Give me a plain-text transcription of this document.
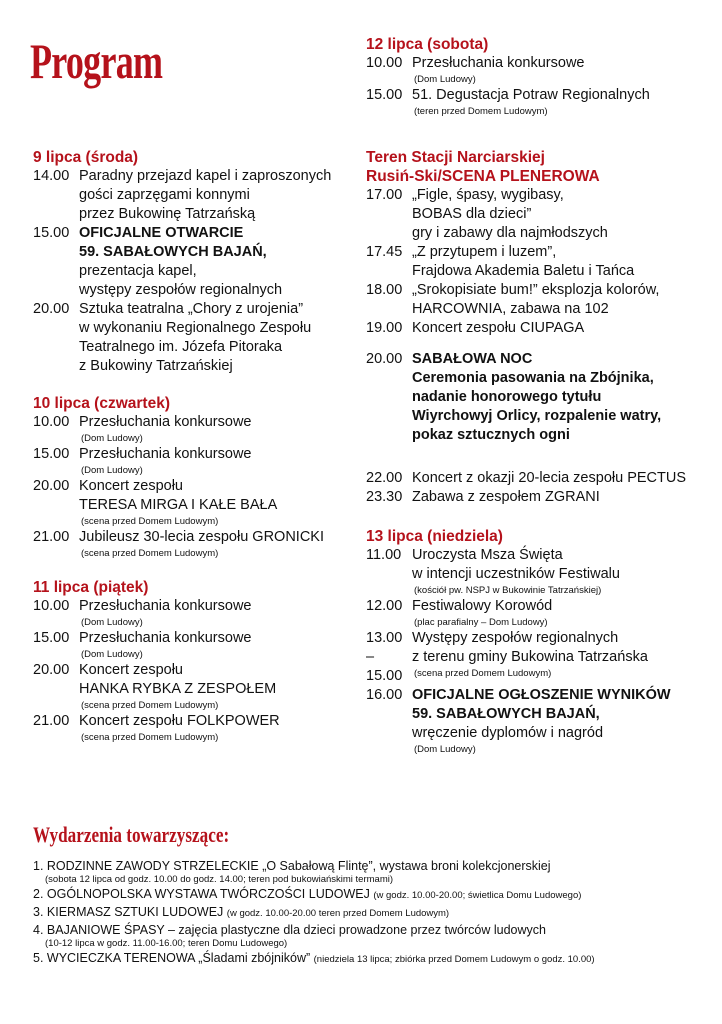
Program
9 lipca (środa)
14.00 Paradny przejazd kapel i zaproszonych
gości zaprzęgami konnymi
przez Bukowinę Tatrzańską
15.00 OFICJALNE OTWARCIE
59. SABAŁOWYCH BAJAŃ,
prezentacja kapel,
występy zespołów regionalnych
20.00 Sztuka teatralna „Chory z urojenia”
w wykonaniu Regionalnego Zespołu
Teatralnego im. Józefa Pitoraka
z Bukowiny Tatrzańskiej
10 lipca (czwartek)
10.00 Przesłuchania konkursowe
(Dom Ludowy)
15.00 Przesłuchania konkursowe
(Dom Ludowy)
20.00 Koncert zespołu
TERESA MIRGA I KAŁE BAŁA
(scena przed Domem Ludowym)
21.00 Jubileusz 30-lecia zespołu GRONICKI
(scena przed Domem Ludowym)
11 lipca (piątek)
10.00 Przesłuchania konkursowe
(Dom Ludowy)
15.00 Przesłuchania konkursowe
(Dom Ludowy)
20.00 Koncert zespołu
HANKA RYBKA Z ZESPOŁEM
(scena przed Domem Ludowym)
21.00 Koncert zespołu FOLKPOWER
(scena przed Domem Ludowym)
12 lipca (sobota)
10.00 Przesłuchania konkursowe
(Dom Ludowy)
15.00 51. Degustacja Potraw Regionalnych
(teren przed Domem Ludowym)
Teren Stacji Narciarskiej
Rusiń-Ski/SCENA PLENEROWA
17.00 „Figle, śpasy, wygibasy,
BOBAS dla dzieci”
gry i zabawy dla najmłodszych
17.45 „Z przytupem i luzem”,
Frajdowa Akademia Baletu i Tańca
18.00 „Srokopisiate bum!” eksplozja kolorów,
HARCOWNIA, zabawa na 102
19.00 Koncert zespołu CIUPAGA
20.00 SABAŁOWA NOC
Ceremonia pasowania na Zbójnika,
nadanie honorowego tytułu
Wiyrchowyj Orlicy, rozpalenie watry,
pokaz sztucznych ogni
22.00 Koncert z okazji 20-lecia zespołu PECTUS
23.30 Zabawa z zespołem ZGRANI
13 lipca (niedziela)
11.00 Uroczysta Msza Święta
w intencji uczestników Festiwalu
(kościół pw. NSPJ w Bukowinie Tatrzańskiej)
12.00 Festiwalowy Korowód
(plac parafialny – Dom Ludowy)
13.00 – 15.00
Występy zespołów regionalnych
z terenu gminy Bukowina Tatrzańska
(scena przed Domem Ludowym)
16.00 OFICJALNE OGŁOSZENIE WYNIKÓW
59. SABAŁOWYCH BAJAŃ,
wręczenie dyplomów i nagród
(Dom Ludowy)
Wydarzenia towarzyszące:
1. RODZINNE ZAWODY STRZELECKIE „O Sabałową Flintę”, wystawa broni kolekcjonerskiej
(sobota 12 lipca od godz. 10.00 do godz. 14.00; teren pod bukowiańskimi termami)
2. OGÓLNOPOLSKA WYSTAWA TWÓRCZOŚCI LUDOWEJ (w godz. 10.00-20.00; świetlica Domu Ludowego)
3. KIERMASZ SZTUKI LUDOWEJ (w godz. 10.00-20.00 teren przed Domem Ludowym)
4. BAJANIOWE ŚPASY – zajęcia plastyczne dla dzieci prowadzone przez twórców ludowych
(10-12 lipca w godz. 11.00-16.00; teren Domu Ludowego)
5. WYCIECZKA TERENOWA „Śladami zbójników” (niedziela 13 lipca; zbiórka przed Domem Ludowym o godz. 10.00)
